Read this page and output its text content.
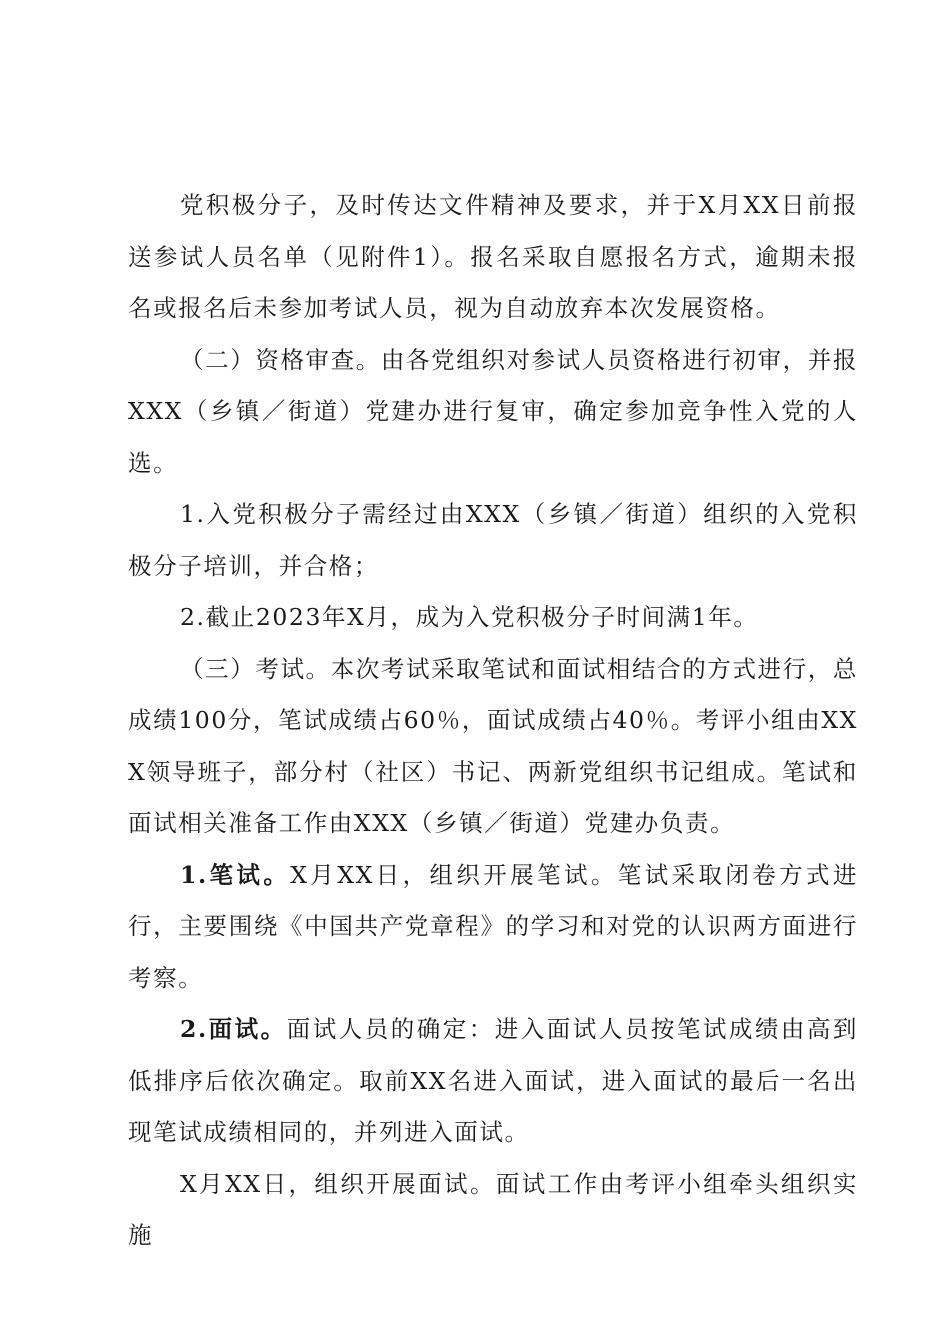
　　党积极分子，及时传达文件精神及要求，并于X月XX日前报送参试人员名单（见附件1）。报名采取自愿报名方式，逾期未报名或报名后未参加考试人员，视为自动放弃本次发展资格。

（二）资格审查。由各党组织对参试人员资格进行初审，并报XXX（乡镇／街道）党建办进行复审，确定参加竞争性入党的人选。

1.入党积极分子需经过由XXX（乡镇／街道）组织的入党积极分子培训，并合格；

2.截止2023年X月，成为入党积极分子时间满1年。

（三）考试。本次考试采取笔试和面试相结合的方式进行，总成绩100分，笔试成绩占60％，面试成绩占40％。考评小组由XXX领导班子，部分村（社区）书记、两新党组织书记组成。笔试和面试相关准备工作由XXX（乡镇／街道）党建办负责。

1.笔试。X月XX日，组织开展笔试。笔试采取闭卷方式进行，主要围绕《中国共产党章程》的学习和对党的认识两方面进行考察。

2.面试。面试人员的确定：进入面试人员按笔试成绩由高到低排序后依次确定。取前XX名进入面试，进入面试的最后一名出现笔试成绩相同的，并列进入面试。

X月XX日，组织开展面试。面试工作由考评小组牵头组织实施
